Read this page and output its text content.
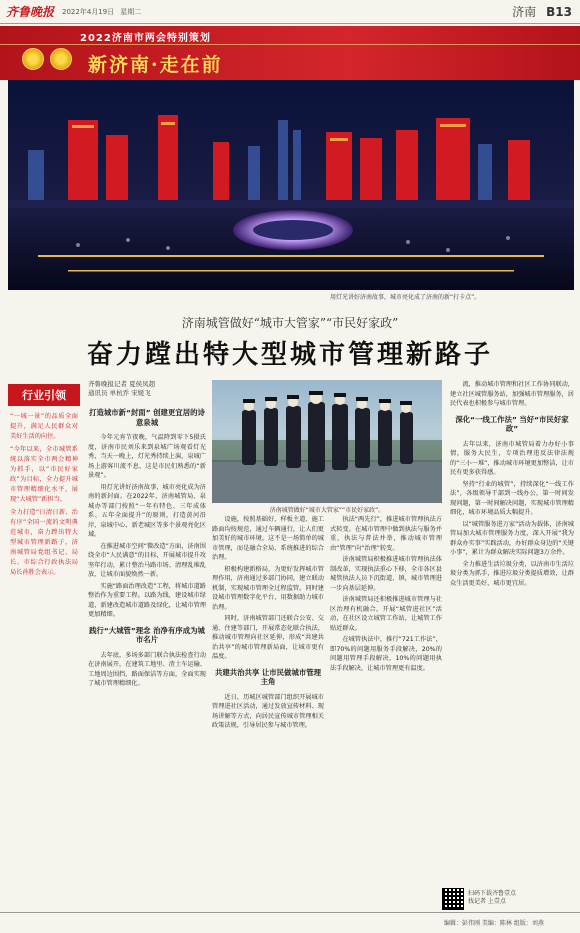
齐鲁晚报 2022年4月19日 星期二	济南 B13
2022济南市两会特别策划
新济南·走在前
用灯光讲好济南故事，城市亮化成了济南的新“打卡点”。
济南城管做好“城市大管家”“市民好家政”
奋力蹚出特大型城市管理新路子
行业引领

“一城一景”的品质全面提升，满足人民群众对美好生活的向往。

“今年以来，全市城管系统以落实全市两会精神为抓手，以“市民好家政”为目标，全力提升城市管理精细化水平，展现“大城管”新担当。

全力打造“日清日新、治有序”全国一流的文明典范城市，奋力蹚出特大型城市管理新路子，济南城管局党组书记、局长、市综合行政执法局局长孙胜会表示。

齐鲁晚报记者 夏侯凤超
通讯员 单杭乔 宋媛飞
打造城市新“封面” 创建更宜居的诗意泉城

今年元宵节夜晚，气温降到零下5摄氏度，济南市民刘乐来到泉城广场观看灯光秀，当天一晚上，灯光秀持续上演，泉城广场上游客川流不息，这是市民们熟悉的“新景观”。

用灯光讲好济南故事，城市亮化成为济南的新封面。在2022年，济南城管局、泉城办等部门按照“一年有特色、三年成体系、五年全面提升”的原则，打造黄河沿岸、泉城中心、新老城区等多个景观亮化区域。

在推进城市空间“微改造”方面，济南围绕全市“人民满意”的目标，开展城市提升攻坚年行动，累计整治马路市场、清理乱堆乱放，让城市面貌焕然一新。

实施“路面治理改造”工程，将城市道路整治作为重要工程。以路为线，建设城市绿道，新建改造城市道路及绿化，让城市管理更加精细。

践行“大城管”理念 治净有序成为城市名片

去年底，多场多部门联合执法检查行动在济南展开，在建筑工地里、渣土车运输、工地周边围挡、路面保洁等方面，全面实现了城市管理精细化。

济南城管做好“城市大管家”“市民好家政”。

设施，按照基础好、样板主道、施工路面均按规范，通过车辆通行，让人们更加美好的城市环境。这不是一场简单的城市管理，而是融合全局、系统推进的综合治理。

积极构建新格局，为更好发挥城市管理作用，济南通过多部门协同，建立联动机制，实现城市管理全过程监管。同时建设城市管理数字化平台，用数据助力城市治理。

同时，济南城管部门还联合公安、交通、住建等部门，开展常态化联合执法，推动城市管理向社区延伸，形成“共建共治共享”的城市管理新局面，让城市更有温度。

共建共治共享 让市民做城市管理主角

近日，历城区城管部门组织开展城市管理进社区活动，通过发放宣传材料、现场讲解等方式，向居民宣传城市管理相关政策法规，引导居民参与城市管理。

执法“两先行”，推进城市管理执法方式转变。在城市管理中做到执法与服务并重，执法与普法并举，推动城市管理由“管理”向“治理”转变。

济南城管局积极推进城市管理执法体制改革，实现执法重心下移，全市各区县城管执法人员下沉街道、镇，城市管理进一步向基层延伸。

济南城管局还积极推进城市管理与社区治理有机融合，开展“城管进社区”活动，在社区设立城管工作站，让城管工作贴近群众。

在城管执法中，推行“721工作法”，即70%的问题用服务手段解决，20%的问题用管理手段解决，10%的问题用执法手段解决，让城市管理更有温度。

流，推动城市管理和社区工作协同联动，建立社区城管服务站，加强城市管理服务，居民代表也积极参与城市管理。

深化“一线工作法” 当好“市民好家政”

去年以来，济南市城管局着力办好小事情，服务大民生，专项治理违反法律法规的“三小一堆”，推动城市环境更加整洁，让市民有更多获得感。

坚持“行业的城管”，持续深化“一线工作法”，各级领导干部到一线办公，第一时间发现问题，第一时间解决问题，实现城市管理精细化，城市环境品质大幅提升。

以“城管服务进万家”活动为载体，济南城管局加大城市管理服务力度，深入开展“我为群众办实事”实践活动，办好群众身边的“关键小事”，累计为群众解决实际问题3万余件。

全力推进生活垃圾分类，以济南市生活垃圾分类为抓手，推进垃圾分类提质增效，让群众生活更美好，城市更宜居。

扫码下载齐鲁壹点
找记者 上壹点
编辑：彭伟刚 美编：陈林 组版：刘燕
